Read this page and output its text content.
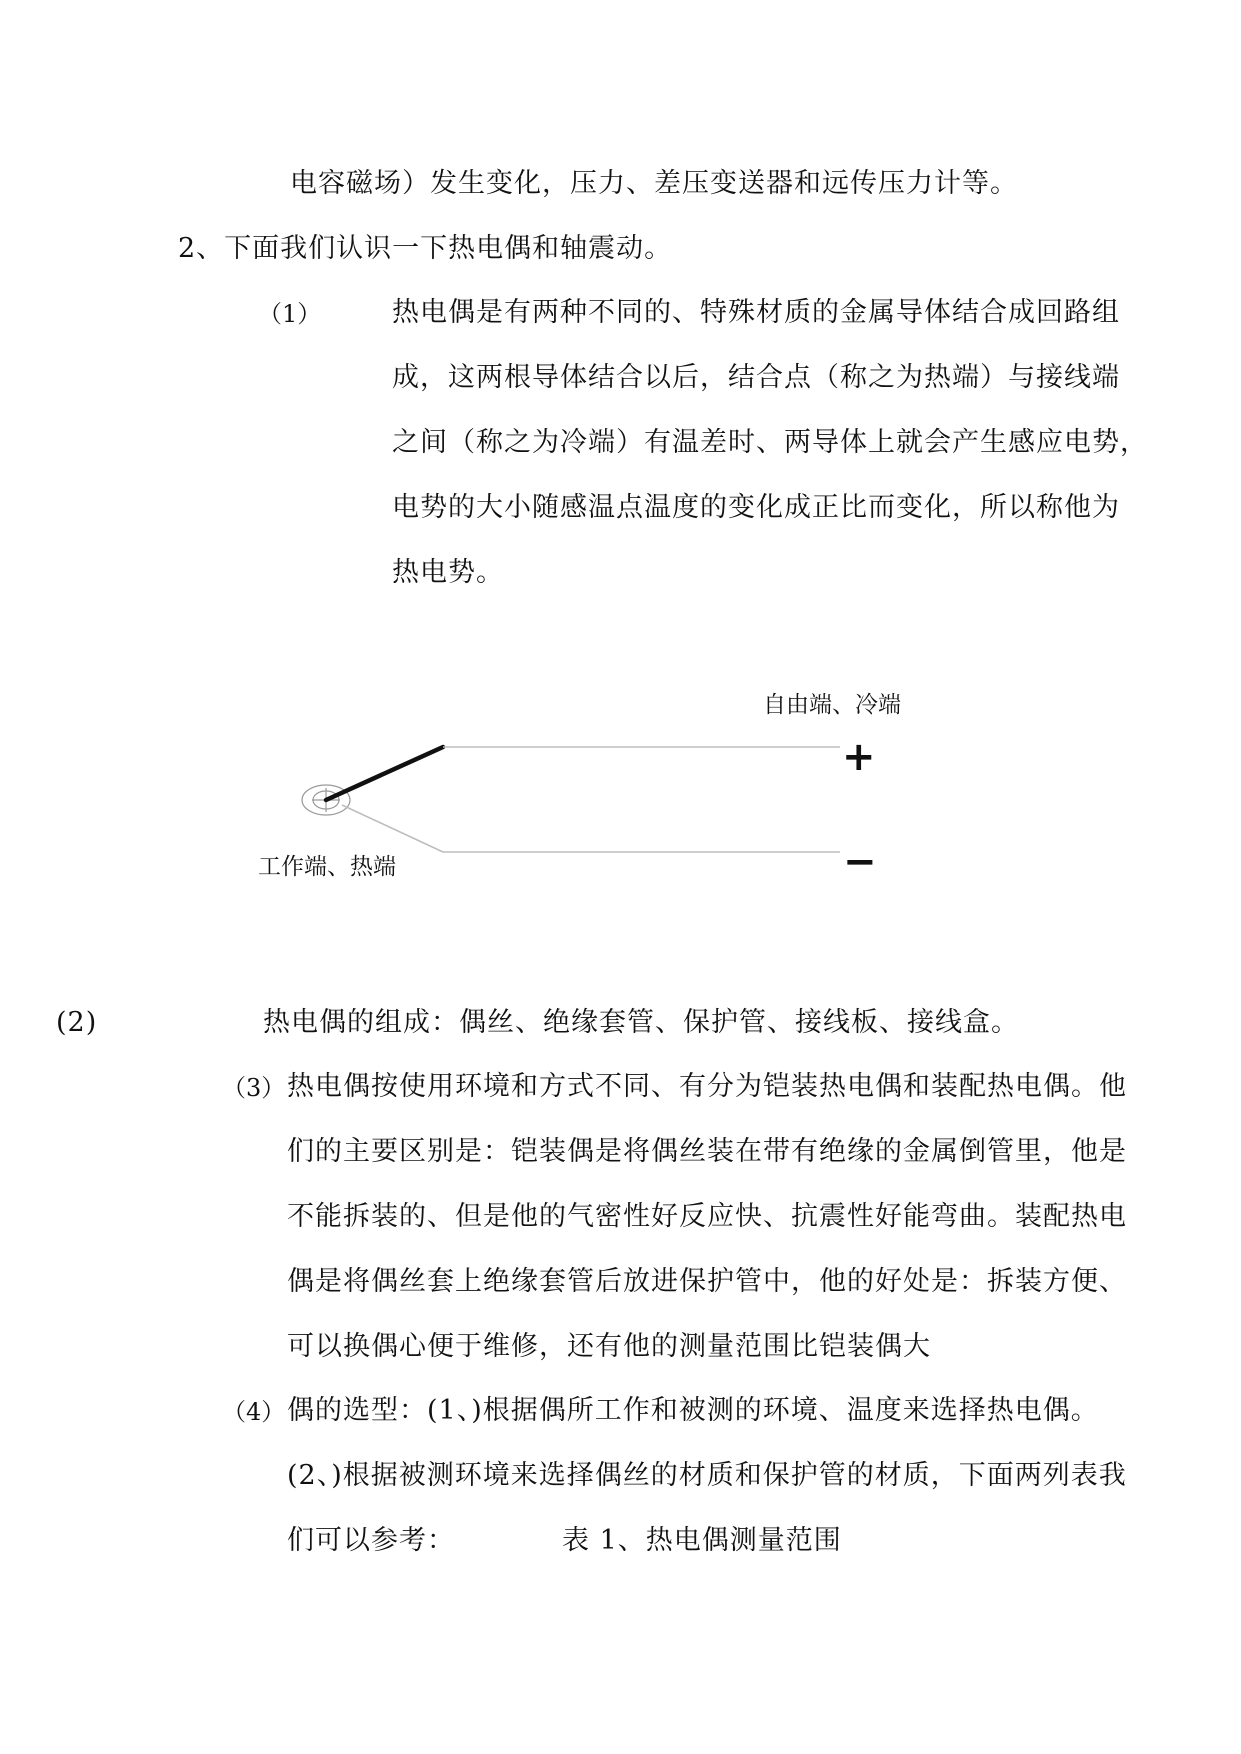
电容磁场）发生变化，压力、差压变送器和远传压力计等。
2、下面我们认识一下热电偶和轴震动。
（1）	热电偶是有两种不同的、特殊材质的金属导体结合成回路组
成，这两根导体结合以后，结合点（称之为热端）与接线端
之间（称之为冷端）有温差时、两导体上就会产生感应电势，
电势的大小随感温点温度的变化成正比而变化，所以称他为
热电势。
自由端、冷端
工作端、热端
+
−
(2)	热电偶的组成：偶丝、绝缘套管、保护管、接线板、接线盒。
（3） 热电偶按使用环境和方式不同、有分为铠装热电偶和装配热电偶。他
们的主要区别是：铠装偶是将偶丝装在带有绝缘的金属倒管里，他是
不能拆装的、但是他的气密性好反应快、抗震性好能弯曲。装配热电
偶是将偶丝套上绝缘套管后放进保护管中，他的好处是：拆装方便、
可以换偶心便于维修，还有他的测量范围比铠装偶大
（4） 偶的选型：(1、)根据偶所工作和被测的环境、温度来选择热电偶。
(2、)根据被测环境来选择偶丝的材质和保护管的材质，下面两列表我
们可以参考：	表 1、热电偶测量范围
